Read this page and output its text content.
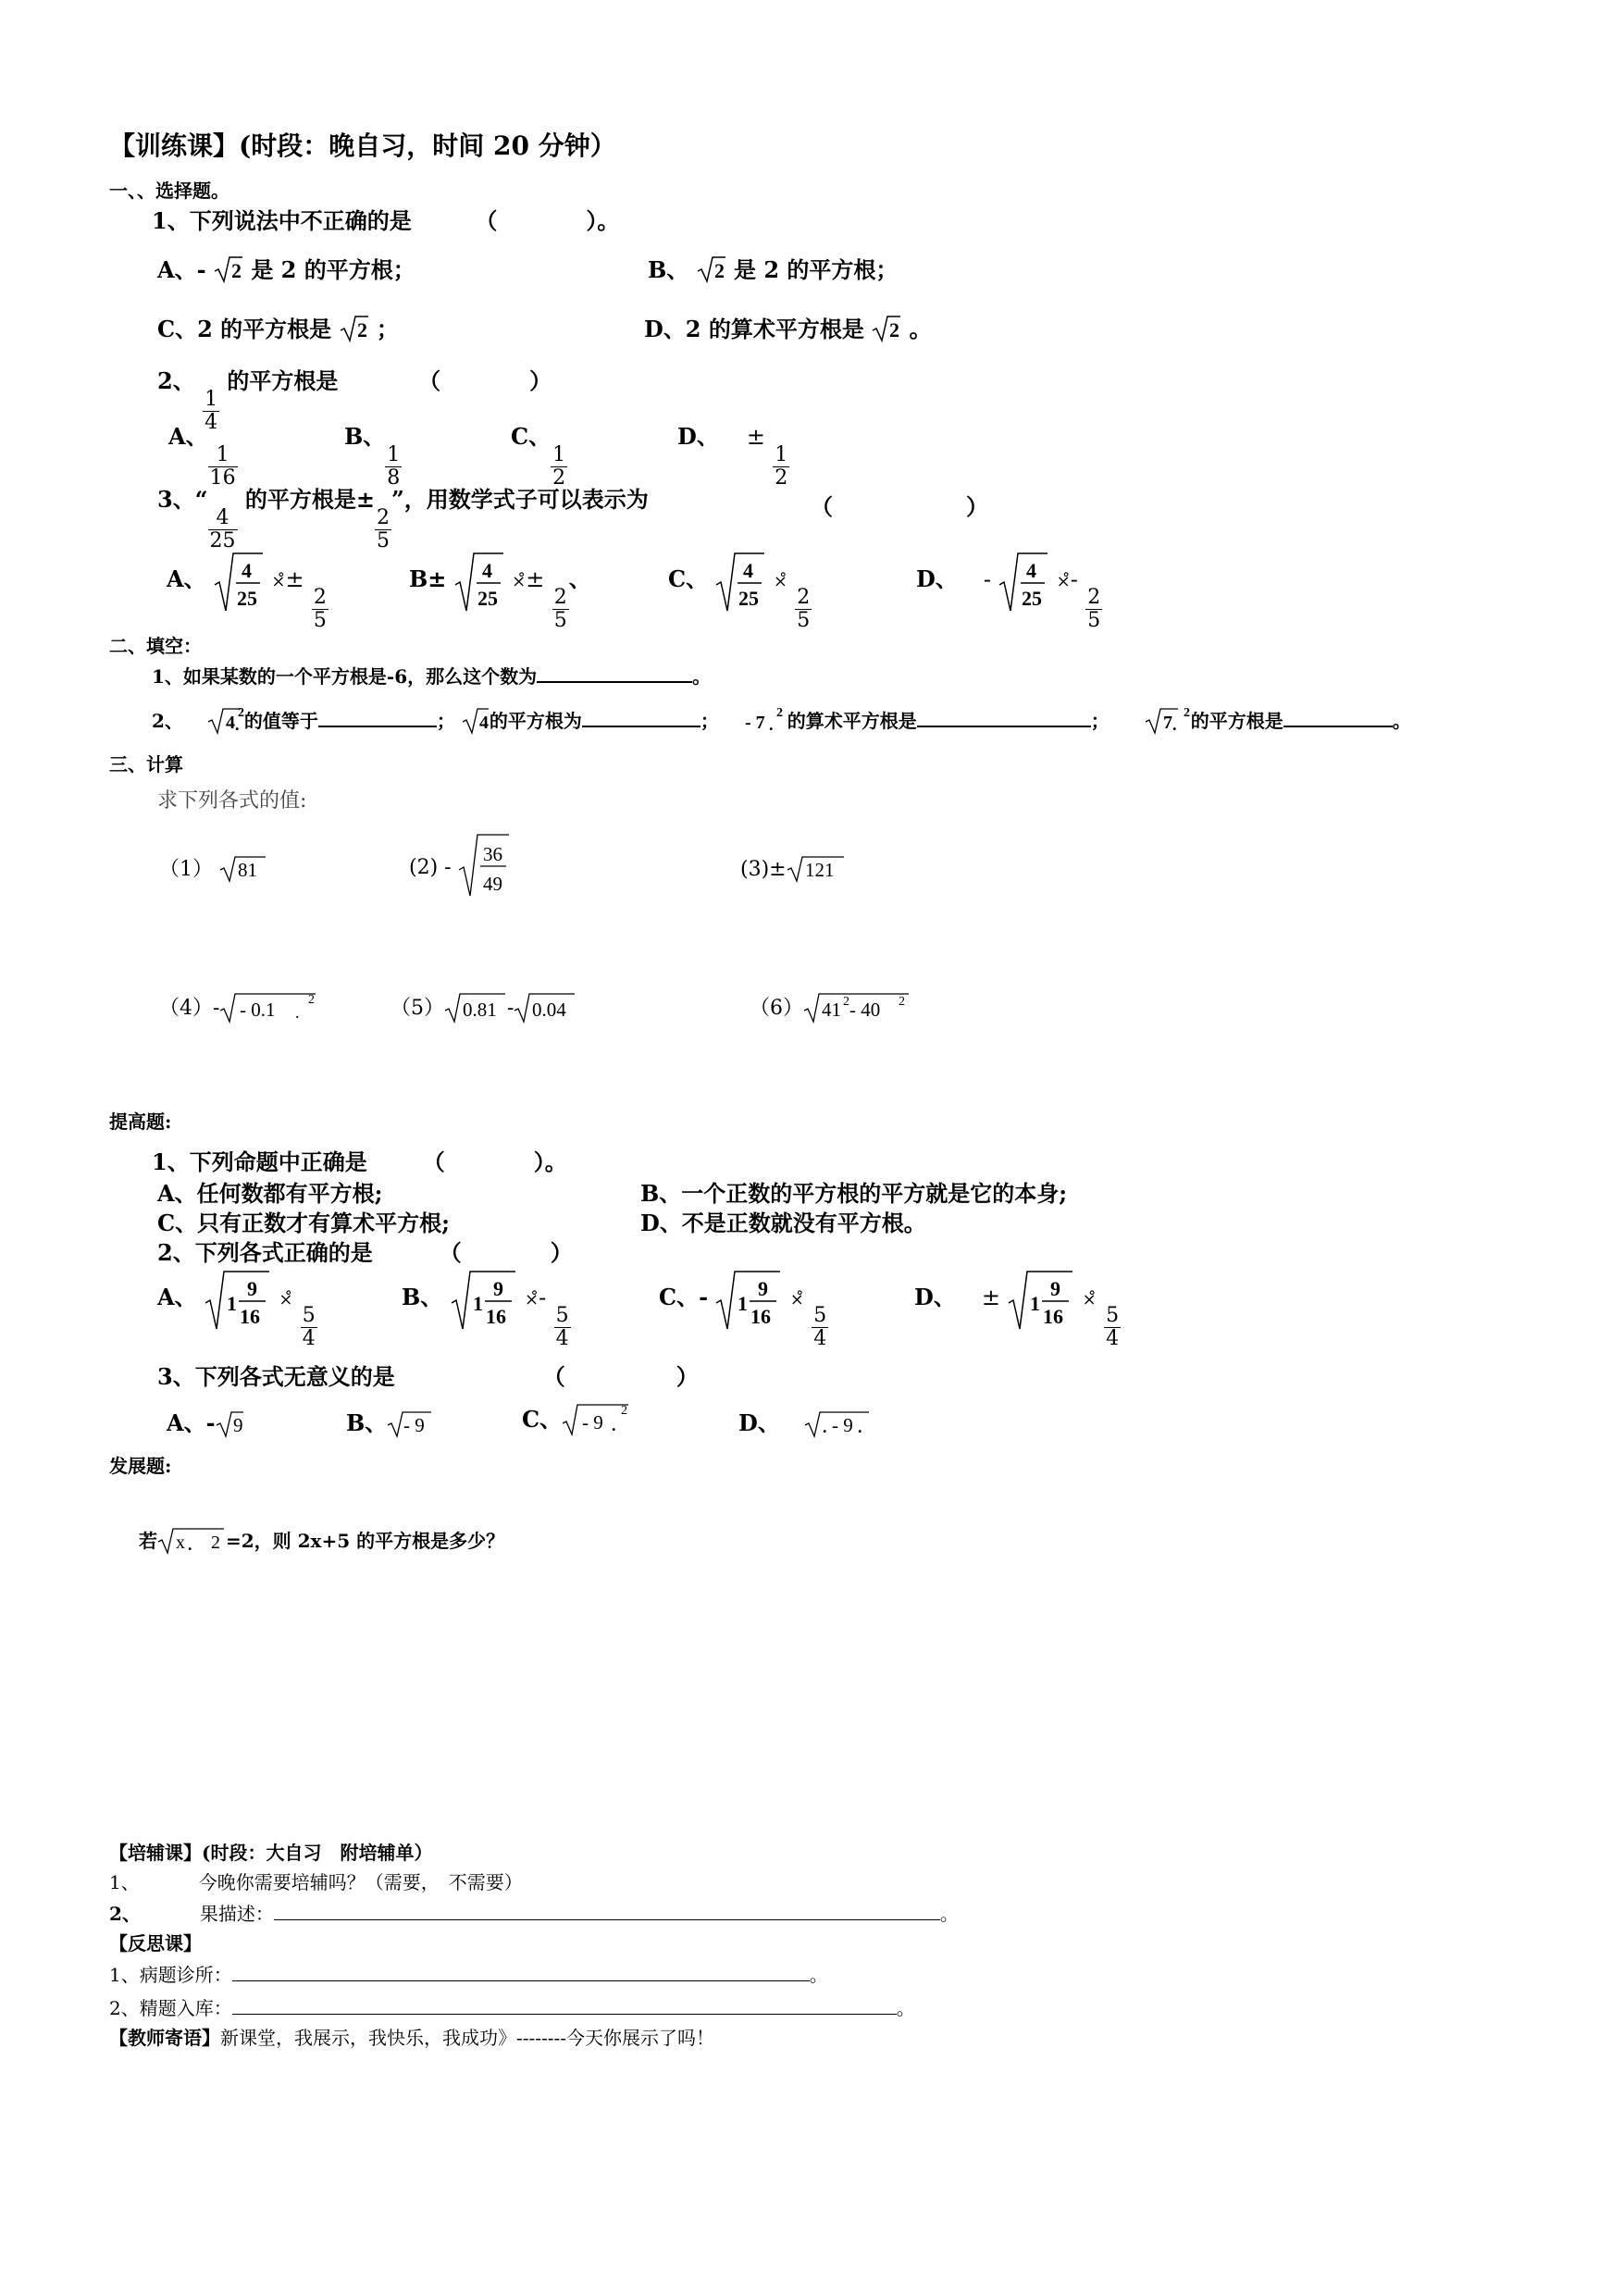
【训练课】(时段：晚自习，时间 20 分钟）
一、、选择题。
1、下列说法中不正确的是	（　　　　）。
A、- 2 是 2 的平方根；	B、 2 是 2 的平方根；
C、2 的平方根是 2 ；	D、2 的算术平方根是 2 。
2、
$\frac{1}{4}$
的平方根是	（　　　　）
A、
$\frac{1}{16}$
B、
$\frac{1}{8}$
C、
$\frac{1}{2}$
D、 ±
$\frac{1}{2}$
3、“
$\frac{4}{25}$
的平方根是±
$\frac{2}{5}$
”，用数学式子可以表示为	（　　　　　　）
A、 4
25
×̊±
$\frac{2}{5}$
B± 4
25
×̊±
$\frac{2}{5}$
、	C、 4
25
×̊
$\frac{2}{5}$
D、 - 4
25
×̊-
$\frac{2}{5}$
二、填空：
1、如果某数的一个平方根是-6，那么这个数为	。
2、 4 .
2 的值等于	； 4 的平方根为	； - 7 .
2 的算术平方根是	；	7 .
2 的平方根是	。
三、计算
求下列各式的值:
（1） 81	(2) -
36
49
(3)± 121
（4）- - 0.1 .
2	（5） 0.81 - 0.04	（6） 41 2 - 40 2
提高题:
1、下列命题中正确是	（　　　　）。
A、任何数都有平方根;	B、一个正数的平方根的平方就是它的本身;
C、只有正数才有算术平方根;	D、不是正数就没有平方根。
2、下列各式正确的是	（　　　　）
A、 1
9
16
×̊
$\frac{5}{4}$
B、 1
9
16
×̊-
$\frac{5}{4}$
C、- 1
9
16
×̊
$\frac{5}{4}$
D、 ± 1
9
16
×̊
$\frac{5}{4}$
3、下列各式无意义的是	（　　　　　）
A、- 9	B、 - 9	C、 - 9 .
2	D、	. - 9 .
发展题:
若 x . 2 =2，则 2x+5 的平方根是多少？
【培辅课】(时段：大自习　附培辅单）
1、	今晚你需要培辅吗？（需要，　不需要）
2、	果描述：	。
【反思课】
1、病题诊所：	。
2、精题入库：	。
【教师寄语】新课堂，我展示，我快乐，我成功》--------今天你展示了吗！
